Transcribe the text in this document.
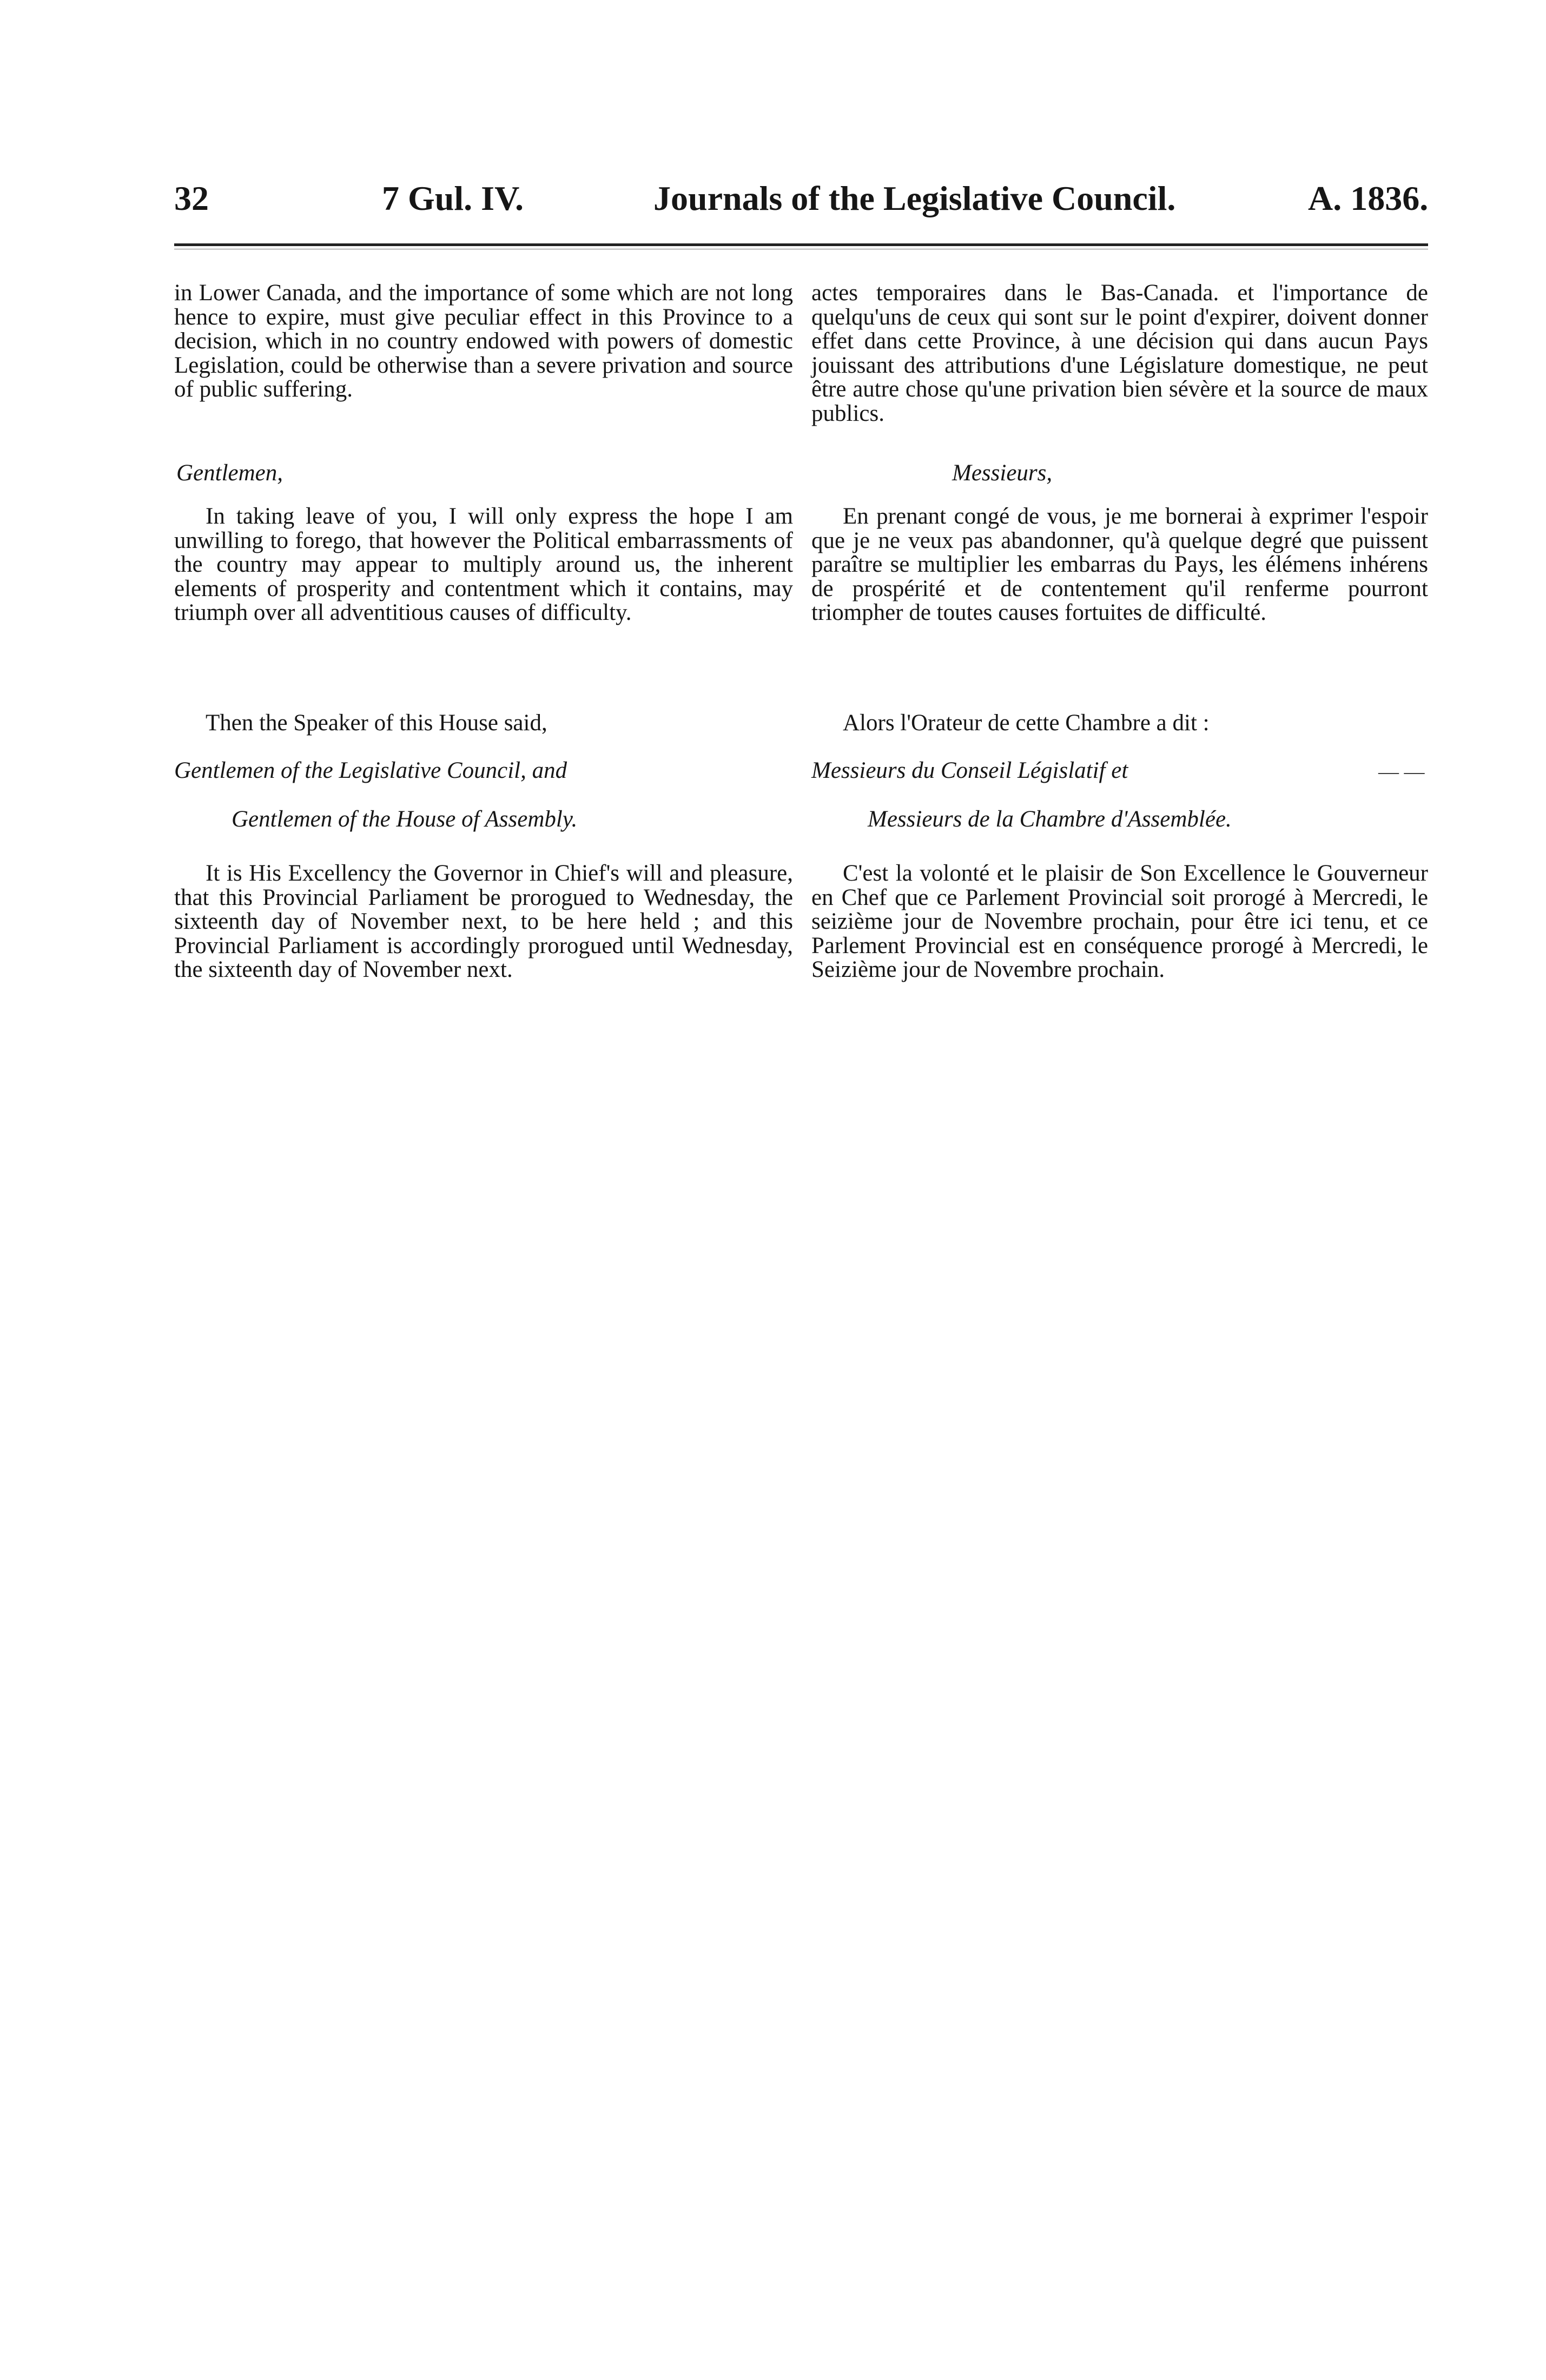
32	7 Gul. IV.	Journals of the Legislative Council.	A. 1836.

in Lower Canada, and the importance of some which are not long hence to expire, must give peculiar effect in this Province to a decision, which in no country endowed with powers of domestic Legislation, could be otherwise than a severe privation and source of public suffering.

Gentlemen,

In taking leave of you, I will only express the hope I am unwilling to forego, that however the Political embarrassments of the country may appear to multiply around us, the inherent elements of prosperity and contentment which it contains, may triumph over all adventitious causes of difficulty.

Then the Speaker of this House said,

Gentlemen of the Legislative Council, and

Gentlemen of the House of Assembly.

It is His Excellency the Governor in Chief's will and pleasure, that this Provincial Parliament be prorogued to Wednesday, the sixteenth day of November next, to be here held ; and this Provincial Parliament is accordingly prorogued until Wednesday, the sixteenth day of November next.

actes temporaires dans le Bas-Canada. et l'importance de quelqu'uns de ceux qui sont sur le point d'expirer, doivent donner effet dans cette Province, à une décision qui dans aucun Pays jouissant des attributions d'une Législature domestique, ne peut être autre chose qu'une privation bien sévère et la source de maux publics.

Messieurs,

En prenant congé de vous, je me bornerai à exprimer l'espoir que je ne veux pas abandonner, qu'à quelque degré que puissent paraître se multiplier les embarras du Pays, les élémens inhérens de prospérité et de contentement qu'il renferme pourront triompher de toutes causes fortuites de difficulté.

Alors l'Orateur de cette Chambre a dit :

Messieurs du Conseil Législatif et

Messieurs de la Chambre d'Assemblée.

C'est la volonté et le plaisir de Son Excellence le Gouverneur en Chef que ce Parlement Provincial soit prorogé à Mercredi, le seizième jour de Novembre prochain, pour être ici tenu, et ce Parlement Provincial est en conséquence prorogé à Mercredi, le Seizième jour de Novembre prochain.

— —
